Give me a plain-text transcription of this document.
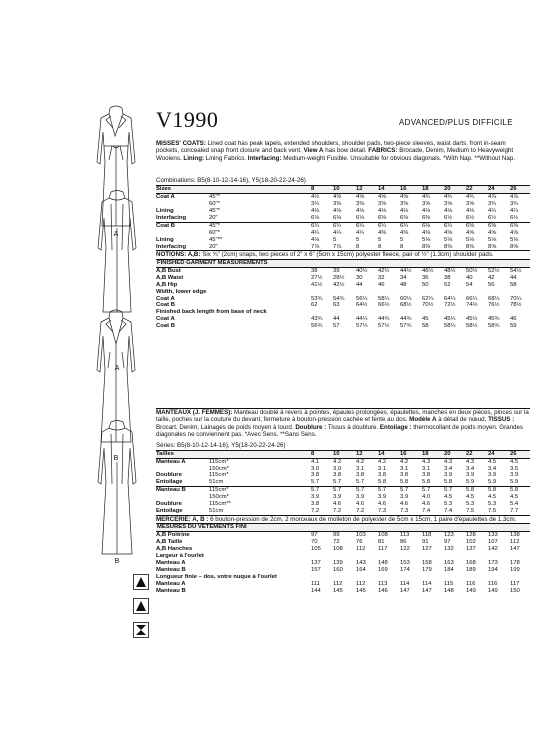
A
A
B
B
V1990	ADVANCED/PLUS DIFFICILE
MISSES' COATS: Lined coat has peak lapels, extended shoulders, shoulder pads, two-piece sleeves, waist darts, front in-seam pockets, concealed snap front closure and back vent. View A has bow detail. FABRICS: Brocade, Denim, Medium to Heavyweight Woolens. Lining: Lining Fabrics. Interfacing: Medium-weight Fusible. Unsuitable for obvious diagonals. *With Nap. **Without Nap.
Combinations: B5(8-10-12-14-16), Y5(18-20-22-24-26)
Sizes	8	10	12	14	16	18	20	22	24	26
Coat A	45"*	4½ 4⅝	4⅝ 4⅝ 4⅝ 4¾ 4¾ 4¾ 4⅞ 4⅞
60"*	3¼ 3⅜	3⅜ 3⅜ 3⅜ 3⅝ 3⅝ 3⅝ 3¾ 3¾
Lining	45"*	4⅛ 4⅛	4⅛ 4⅛ 4⅛ 4⅛ 4⅛ 4⅛ 4¼ 4¼
Interfacing	20"	6⅛ 6⅛	6⅛ 6⅜ 6⅜ 6⅜ 6½ 6½ 6½ 6½
Coat B	45"*	6¼ 6¼	6¼ 6¼ 6¼ 6⅛ 6¼ 6⅜ 6⅜ 6⅜
60"*	4¼ 4¼	4¼ 4⅜ 4⅜ 4⅜ 4⅝ 4⅝ 4⅝ 4⅝
Lining	45"**	4⅛ 5	5	5	5	5⅛ 5⅛ 5⅛ 5⅛ 5⅛
Interfacing	20"	7⅞ 7⅞	8	8	8	8⅜ 8⅜ 8⅜ 8⅝ 8⅝
NOTIONS: A,B: Six ¾" (2cm) snaps, two pieces of 2" x 6" (5cm x 15cm) polyester fleece, pair of ½" (1.3cm) shoulder pads.
FINISHED GARMENT MEASUREMENTS
A,B Bust	38	39	40½ 42½ 44½ 46½ 48½ 50½ 52½ 54½
A,B Waist	27½ 28½ 30	32	34	36	38	40	42	44
A,B Hip	41½ 42½ 44	46	48	50	52	54	56	58
Width, lower edge
Coat A	53¾ 54¾ 56¼ 58¼ 60¼ 62¼ 64¼ 66¼ 68¼ 70¼
Coat B	62	63	64½ 66½ 68½ 70½ 72½ 74½ 76½ 78½
Finished back length from base of neck
Coat A	43¾ 44	44¼ 44¾ 44¾ 45	45¼ 45½ 45¾ 46
Coat B	56¾ 57	57¼ 57½ 57¾ 58	58¼ 58½ 58¾ 59
MANTEAUX (J. FEMMES): Manteau doublé à revers à pointes, épaules prolongées, épaulettes, manches en deux pièces, pinces sur la taille, poches sur la couture du devant, fermeture à bouton-pression cachée et fente au dos. Modèle A à détail de nœud. TISSUS : Brocart, Denim, Lainages de poids moyen à lourd. Doublure : Tissus à doublure. Entoilage : thermocollant de poids moyen. Grandes diagonales ne conviennent pas. *Avec Sens. **Sans Sens.
Séries: B5(8-10-12-14-16), Y5(18-20-22-24-26)
Tailles	8	10	12	14	16	18	20	22	24	26
Manteau A	115cm*	4.1 4.2	4.2 4.2 4.2 4.3 4.3 4.3 4.5 4.5
150cm*	3.0 3.0	3.1 3.1 3.1 3.1 3.4 3.4 3.4 3.5
Doublure	115cm*	3.8 3.8	3.8 3.8 3.8 3.8 3.9 3.9 3.9 3.9
Entoilage	51cm	5.7 5.7	5.7 5.8 5.8 5.8 5.8 5.9 5.9 5.9
Manteau B	115cm*	5.7 5.7	5.7 5.7 5.7 5.7 5.7 5.8 5.8 5.8
150cm*	3.9 3.9	3.9 3.9 3.9 4.0 4.5 4.5 4.5 4.5
Doublure	115cm**	3.8 4.6	4.6 4.6 4.6 4.6 5.3 5.3 5.3 5.4
Entoilage	51cm	7.2 7.2	7.2 7.3 7.3 7.4 7.4 7.5 7.5 7.7
MERCERIE: A, B : 6 bouton-pression de 2cm, 2 morceaux de molleton de polyester de 5cm x 15cm, 1 paire d'épaulettes de 1.3cm.
MESURES DU VÊTEMENTS FINI
A,B Poitrine	97	99	103 108 113 118 123 128 133 138
A,B Taille	70	72	76	81	86	91	97	102 107 112
A,B Hanches	105 108 112 117 122 127 132 137 142 147
Largeur à l'ourlet
Manteau A	137 139 143 148 153 158 163 168 173 178
Manteau B	157 160 164 169 174 179 184 189 194 199
Longueur finie – dos, votre nuque à l'ourlet
Manteau A	111 112 112 113 114 114 115 116 116 117
Manteau B	144 145 145 146 147 147 148 149 149 150
